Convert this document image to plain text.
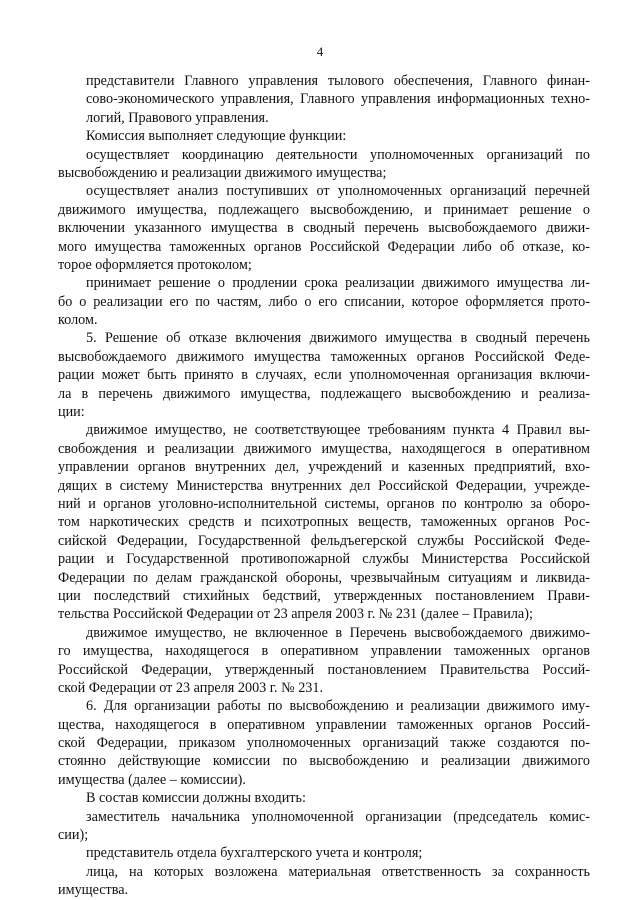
4
представители Главного управления тылового обеспечения, Главного финан-
сово-экономического управления, Главного управления информационных техно-
логий, Правового управления.
Комиссия выполняет следующие функции:
осуществляет координацию деятельности уполномоченных организаций по
высвобождению и реализации движимого имущества;
осуществляет анализ поступивших от уполномоченных организаций перечней
движимого имущества, подлежащего высвобождению, и принимает решение о
включении указанного имущества в сводный перечень высвобождаемого движи-
мого имущества таможенных органов Российской Федерации либо об отказе, ко-
торое оформляется протоколом;
принимает решение о продлении срока реализации движимого имущества ли-
бо о реализации его по частям, либо о его списании, которое оформляется прото-
колом.
5. Решение об отказе включения движимого имущества в сводный перечень
высвобождаемого движимого имущества таможенных органов Российской Феде-
рации может быть принято в случаях, если уполномоченная организация включи-
ла в перечень движимого имущества, подлежащего высвобождению и реализа-
ции:
движимое имущество, не соответствующее требованиям пункта 4 Правил вы-
свобождения и реализации движимого имущества, находящегося в оперативном
управлении органов внутренних дел, учреждений и казенных предприятий, вхо-
дящих в систему Министерства внутренних дел Российской Федерации, учрежде-
ний и органов уголовно-исполнительной системы, органов по контролю за оборо-
том наркотических средств и психотропных веществ, таможенных органов Рос-
сийской Федерации, Государственной фельдъегерской службы Российской Феде-
рации и Государственной противопожарной службы Министерства Российской
Федерации по делам гражданской обороны, чрезвычайным ситуациям и ликвида-
ции последствий стихийных бедствий, утвержденных постановлением Прави-
тельства Российской Федерации от 23 апреля 2003 г. № 231 (далее – Правила);
движимое имущество, не включенное в Перечень высвобождаемого движимо-
го имущества, находящегося в оперативном управлении таможенных органов
Российской Федерации, утвержденный постановлением Правительства Россий-
ской Федерации от 23 апреля 2003 г. № 231.
6. Для организации работы по высвобождению и реализации движимого иму-
щества, находящегося в оперативном управлении таможенных органов Россий-
ской Федерации, приказом уполномоченных организаций также создаются по-
стоянно действующие комиссии по высвобождению и реализации движимого
имущества (далее – комиссии).
В состав комиссии должны входить:
заместитель начальника уполномоченной организации (председатель комис-
сии);
представитель отдела бухгалтерского учета и контроля;
лица, на которых возложена материальная ответственность за сохранность
имущества.
